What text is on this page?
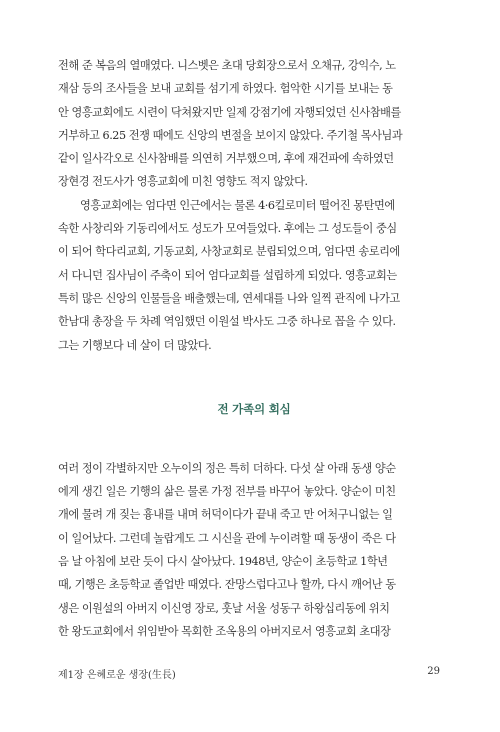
전해 준 복음의 열매였다. 니스벳은 초대 당회장으로서 오채규, 강익수, 노
재삼 등의 조사들을 보내 교회를 섬기게 하였다. 험악한 시기를 보내는 동
안 영흥교회에도 시련이 닥쳐왔지만 일제 강점기에 자행되었던 신사참배를
거부하고 6.25 전쟁 때에도 신앙의 변절을 보이지 않았다. 주기철 목사님과
같이 일사각오로 신사참배를 의연히 거부했으며, 후에 재건파에 속하였던
장현경 전도사가 영흥교회에 미친 영향도 적지 않았다.
영흥교회에는 엄다면 인근에서는 물론 4·6킬로미터 떨어진 몽탄면에
속한 사창리와 기동리에서도 성도가 모여들었다. 후에는 그 성도들이 중심
이 되어 학다리교회, 기동교회, 사창교회로 분립되었으며, 엄다면 송로리에
서 다니던 집사님이 주축이 되어 엄다교회를 설립하게 되었다. 영흥교회는
특히 많은 신앙의 인물들을 배출했는데, 연세대를 나와 일찍 관직에 나가고
한남대 총장을 두 차례 역임했던 이원설 박사도 그중 하나로 꼽을 수 있다.
그는 기행보다 네 살이 더 많았다.
전 가족의 회심
여러 정이 각별하지만 오누이의 정은 특히 더하다. 다섯 살 아래 동생 양순
에게 생긴 일은 기행의 삶은 물론 가정 전부를 바꾸어 놓았다. 양순이 미친
개에 물려 개 짖는 흉내를 내며 허덕이다가 끝내 죽고 만 어처구니없는 일
이 일어났다. 그런데 놀랍게도 그 시신을 관에 누이려할 때 동생이 죽은 다
음 날 아침에 보란 듯이 다시 살아났다. 1948년, 양순이 초등학교 1학년
때, 기행은 초등학교 졸업반 때였다. 잔망스럽다고나 할까, 다시 깨어난 동
생은 이원설의 아버지 이신영 장로, 훗날 서울 성동구 하왕십리동에 위치
한 왕도교회에서 위임받아 목회한 조옥용의 아버지로서 영흥교회 초대장
제1장 은혜로운 생장(生長)	29
